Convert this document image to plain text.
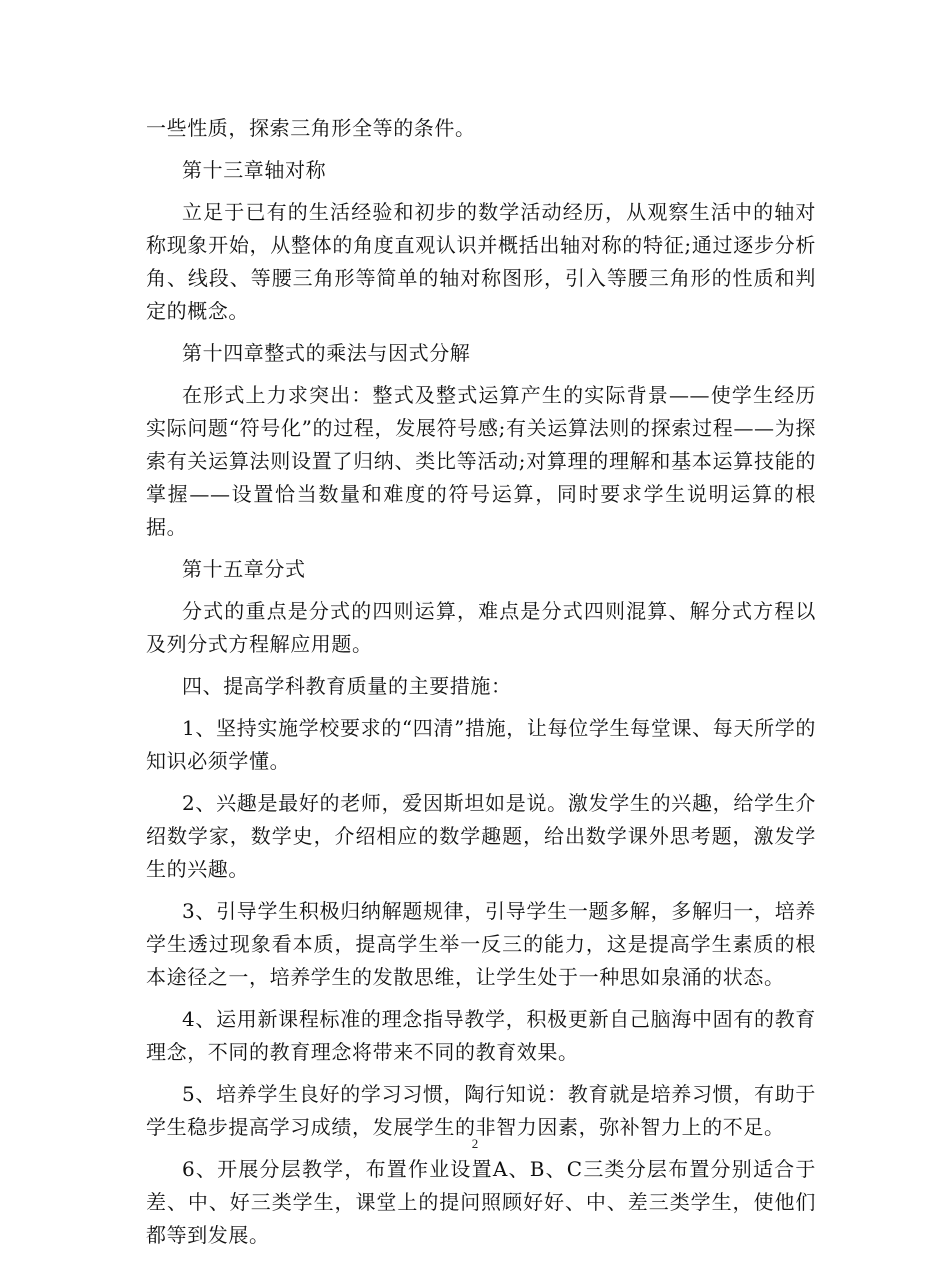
一些性质，探索三角形全等的条件。

第十三章轴对称

立足于已有的生活经验和初步的数学活动经历，从观察生活中的轴对称现象开始，从整体的角度直观认识并概括出轴对称的特征;通过逐步分析角、线段、等腰三角形等简单的轴对称图形，引入等腰三角形的性质和判定的概念。

第十四章整式的乘法与因式分解

在形式上力求突出：整式及整式运算产生的实际背景——使学生经历实际问题“符号化”的过程，发展符号感;有关运算法则的探索过程——为探索有关运算法则设置了归纳、类比等活动;对算理的理解和基本运算技能的掌握——设置恰当数量和难度的符号运算，同时要求学生说明运算的根据。

第十五章分式

分式的重点是分式的四则运算，难点是分式四则混算、解分式方程以及列分式方程解应用题。

四、提高学科教育质量的主要措施：

1、坚持实施学校要求的“四清”措施，让每位学生每堂课、每天所学的知识必须学懂。

2、兴趣是最好的老师，爱因斯坦如是说。激发学生的兴趣，给学生介绍数学家，数学史，介绍相应的数学趣题，给出数学课外思考题，激发学生的兴趣。

3、引导学生积极归纳解题规律，引导学生一题多解，多解归一，培养学生透过现象看本质，提高学生举一反三的能力，这是提高学生素质的根本途径之一，培养学生的发散思维，让学生处于一种思如泉涌的状态。

4、运用新课程标准的理念指导教学，积极更新自己脑海中固有的教育理念，不同的教育理念将带来不同的教育效果。

5、培养学生良好的学习习惯，陶行知说：教育就是培养习惯，有助于学生稳步提高学习成绩，发展学生的非智力因素，弥补智力上的不足。

6、开展分层教学，布置作业设置A、B、C三类分层布置分别适合于差、中、好三类学生，课堂上的提问照顾好好、中、差三类学生，使他们都等到发展。

2
